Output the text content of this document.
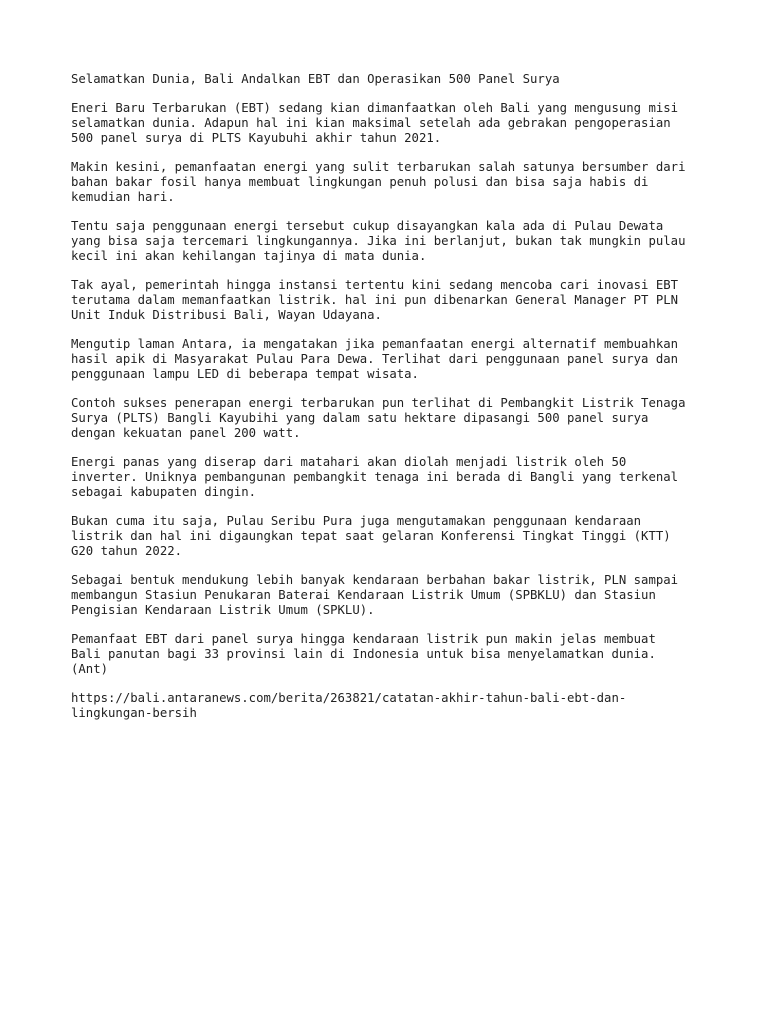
Selamatkan Dunia, Bali Andalkan EBT dan Operasikan 500 Panel Surya

Eneri Baru Terbarukan (EBT) sedang kian dimanfaatkan oleh Bali yang mengusung misi
selamatkan dunia. Adapun hal ini kian maksimal setelah ada gebrakan pengoperasian
500 panel surya di PLTS Kayubuhi akhir tahun 2021.

Makin kesini, pemanfaatan energi yang sulit terbarukan salah satunya bersumber dari
bahan bakar fosil hanya membuat lingkungan penuh polusi dan bisa saja habis di
kemudian hari.

Tentu saja penggunaan energi tersebut cukup disayangkan kala ada di Pulau Dewata
yang bisa saja tercemari lingkungannya. Jika ini berlanjut, bukan tak mungkin pulau
kecil ini akan kehilangan tajinya di mata dunia.

Tak ayal, pemerintah hingga instansi tertentu kini sedang mencoba cari inovasi EBT
terutama dalam memanfaatkan listrik. hal ini pun dibenarkan General Manager PT PLN
Unit Induk Distribusi Bali, Wayan Udayana.

Mengutip laman Antara, ia mengatakan jika pemanfaatan energi alternatif membuahkan
hasil apik di Masyarakat Pulau Para Dewa. Terlihat dari penggunaan panel surya dan
penggunaan lampu LED di beberapa tempat wisata.

Contoh sukses penerapan energi terbarukan pun terlihat di Pembangkit Listrik Tenaga
Surya (PLTS) Bangli Kayubihi yang dalam satu hektare dipasangi 500 panel surya
dengan kekuatan panel 200 watt.

Energi panas yang diserap dari matahari akan diolah menjadi listrik oleh 50
inverter. Uniknya pembangunan pembangkit tenaga ini berada di Bangli yang terkenal
sebagai kabupaten dingin.

Bukan cuma itu saja, Pulau Seribu Pura juga mengutamakan penggunaan kendaraan
listrik dan hal ini digaungkan tepat saat gelaran Konferensi Tingkat Tinggi (KTT)
G20 tahun 2022.

Sebagai bentuk mendukung lebih banyak kendaraan berbahan bakar listrik, PLN sampai
membangun Stasiun Penukaran Baterai Kendaraan Listrik Umum (SPBKLU) dan Stasiun
Pengisian Kendaraan Listrik Umum (SPKLU).

Pemanfaat EBT dari panel surya hingga kendaraan listrik pun makin jelas membuat
Bali panutan bagi 33 provinsi lain di Indonesia untuk bisa menyelamatkan dunia.
(Ant)

https://bali.antaranews.com/berita/263821/catatan-akhir-tahun-bali-ebt-dan-
lingkungan-bersih
